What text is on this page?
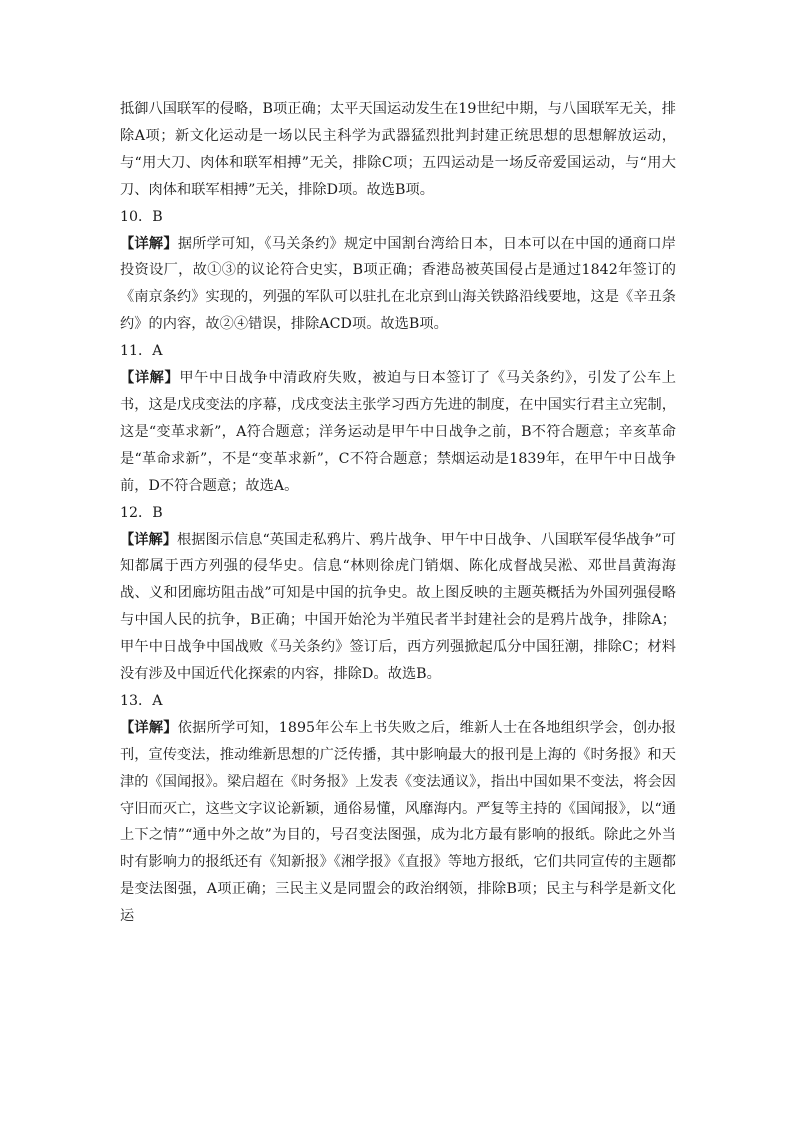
抵御八国联军的侵略，B项正确；太平天国运动发生在19世纪中期，与八国联军无关，排除A项；新文化运动是一场以民主科学为武器猛烈批判封建正统思想的思想解放运动，与“用大刀、肉体和联军相搏”无关，排除C项；五四运动是一场反帝爱国运动，与“用大刀、肉体和联军相搏”无关，排除D项。故选B项。

10．B

【详解】据所学可知，《马关条约》规定中国割台湾给日本，日本可以在中国的通商口岸投资设厂，故①③的议论符合史实，B项正确；香港岛被英国侵占是通过1842年签订的《南京条约》实现的，列强的军队可以驻扎在北京到山海关铁路沿线要地，这是《辛丑条约》的内容，故②④错误，排除ACD项。故选B项。

11．A

【详解】甲午中日战争中清政府失败，被迫与日本签订了《马关条约》，引发了公车上书，这是戊戌变法的序幕，戊戌变法主张学习西方先进的制度，在中国实行君主立宪制，这是“变革求新”，A符合题意；洋务运动是甲午中日战争之前，B不符合题意；辛亥革命是“革命求新”，不是“变革求新”，C不符合题意；禁烟运动是1839年，在甲午中日战争前，D不符合题意；故选A。

12．B

【详解】根据图示信息“英国走私鸦片、鸦片战争、甲午中日战争、八国联军侵华战争”可知都属于西方列强的侵华史。信息“林则徐虎门销烟、陈化成督战吴淞、邓世昌黄海海战、义和团廊坊阻击战”可知是中国的抗争史。故上图反映的主题英概括为外国列强侵略与中国人民的抗争，B正确；中国开始沦为半殖民者半封建社会的是鸦片战争，排除A；甲午中日战争中国战败《马关条约》签订后，西方列强掀起瓜分中国狂潮，排除C；材料没有涉及中国近代化探索的内容，排除D。故选B。

13．A

【详解】依据所学可知，1895年公车上书失败之后，维新人士在各地组织学会，创办报刊，宣传变法，推动维新思想的广泛传播，其中影响最大的报刊是上海的《时务报》和天津的《国闻报》。梁启超在《时务报》上发表《变法通议》，指出中国如果不变法，将会因守旧而灭亡，这些文字议论新颖，通俗易懂，风靡海内。严复等主持的《国闻报》，以“通上下之情”“通中外之故”为目的，号召变法图强，成为北方最有影响的报纸。除此之外当时有影响力的报纸还有《知新报》《湘学报》《直报》等地方报纸，它们共同宣传的主题都是变法图强，A项正确；三民主义是同盟会的政治纲领，排除B项；民主与科学是新文化运
